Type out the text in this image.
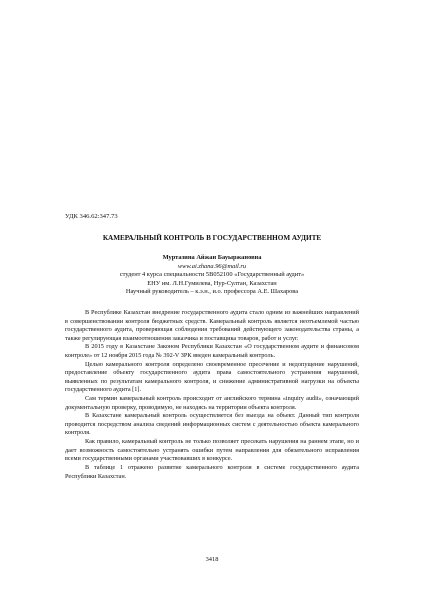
УДК 346.62:347.73
КАМЕРАЛЬНЫЙ КОНТРОЛЬ В ГОСУДАРСТВЕННОМ АУДИТЕ
Муртазина Айжан Бауыржановна
www.ai.zhana.96@mail.ru
студент 4 курса специальности 5В052100 «Государственный аудит»
ЕНУ им. Л.Н.Гумилева, Нур-Султан, Казахстан
Научный руководитель – к.э.н., и.о. профессора А.Е. Шахарова

В Республике Казахстан внедрение государственного аудита стало одним из важнейших направлений в совершенствовании контроля бюджетных средств. Камеральный контроль является неотъемлемой частью государственного аудита, проверяющая соблюдения требований действующего законодательства страны, а также регулирующая взаимоотношения заказчика и поставщика товаров, работ и услуг.

В 2015 году в Казахстане Законом Республики Казахстан «О государственном аудите и финансовом контроле» от 12 ноября 2015 года № 392-V ЗРК введен камеральный контроль.

Целью камерального контроля определено своевременное пресечение и недопущение нарушений, предоставление объекту государственного аудита права самостоятельного устранения нарушений, выявленных по результатам камерального контроля, и снижение административной нагрузки на объекты государственного аудита [1].

Сам термин камеральный контроль происходит от английского термина «inquiry audit», означающий документальную проверку, проводимую, не находясь на территории объекта контроля.

В Казахстане камеральный контроль осуществляется без выезда на объект. Данный тип контроля проводится посредством анализа сведений информационных систем с деятельностью объекта камерального контроля.

Как правило, камеральный контроль не только позволяет пресекать нарушения на раннем этапе, но и дает возможность самостоятельно устранять ошибки путем направления для обязательного исправления всеми государственными органами участвовавших в конкурсе.

В таблице 1 отражено развитие камерального контроля в системе государственного аудита Республики Казахстан.

3418
